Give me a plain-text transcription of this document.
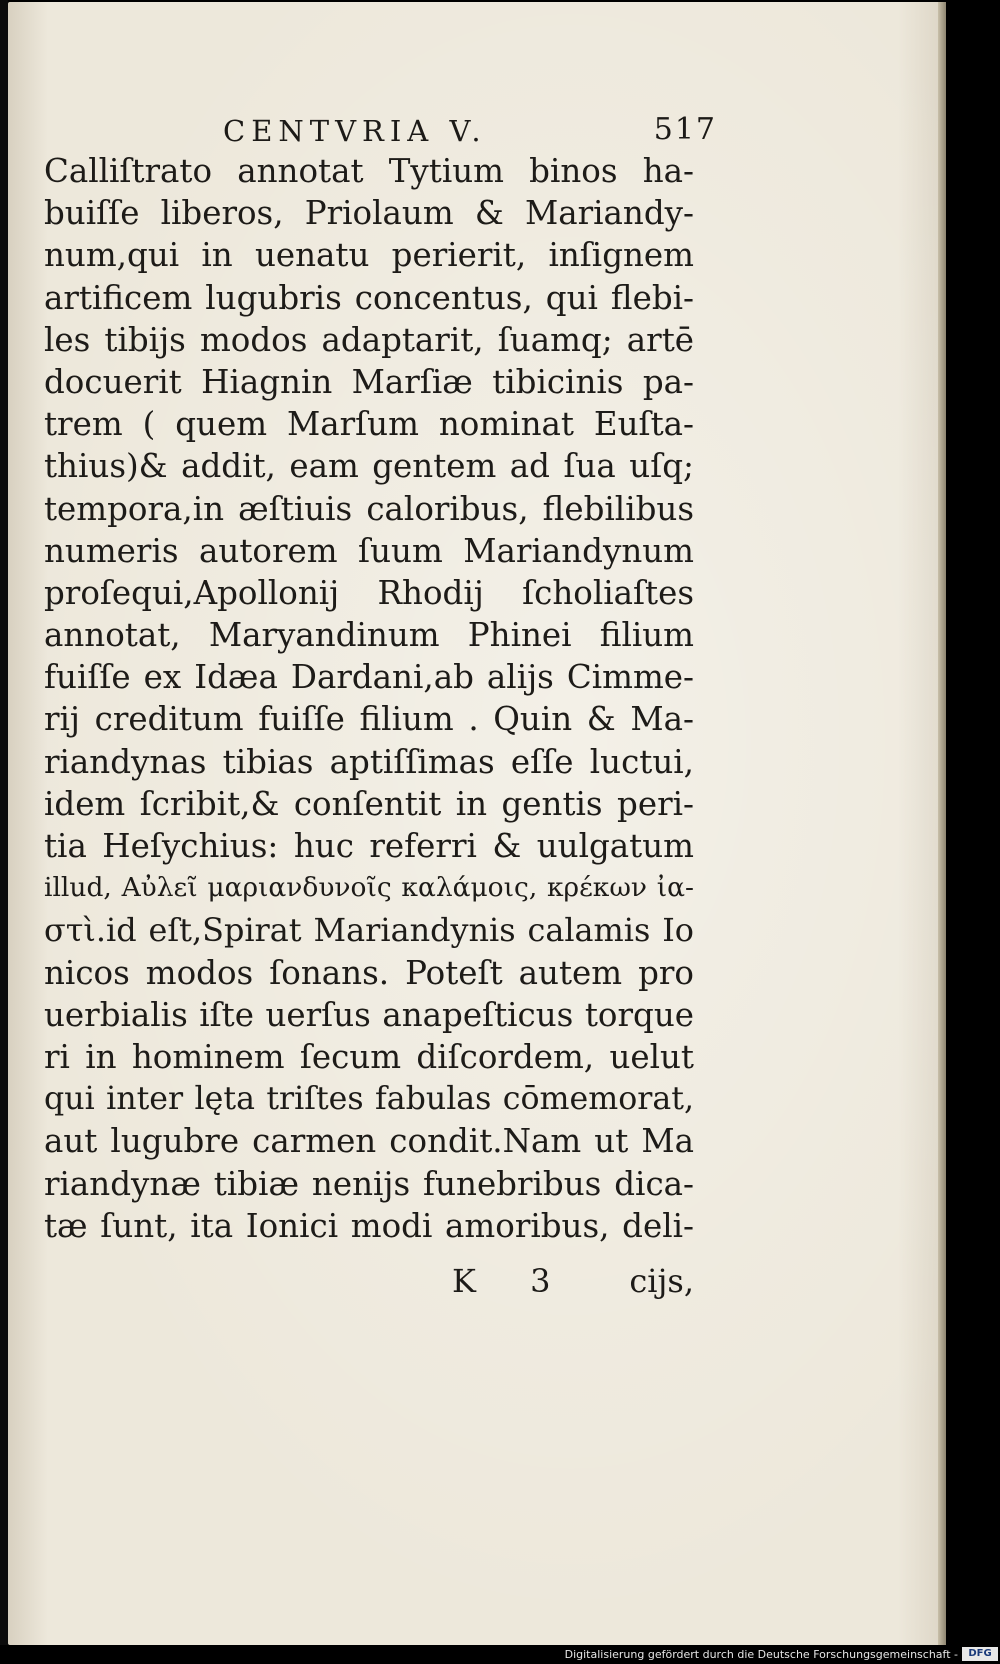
CENTVRIA V.	517
Calliſtrato annotat Tytium binos ha-
buiſſe liberos, Priolaum & Mariandy-
num,qui in uenatu perierit, inſignem
artificem lugubris concentus, qui flebi-
les tibijs modos adaptarit, ſuamq; artē
docuerit Hiagnin Marſiæ tibicinis pa-
trem ( quem Marſum nominat Euſta-
thius)& addit, eam gentem ad ſua uſq;
tempora,in æſtiuis caloribus, flebilibus
numeris autorem ſuum Mariandynum
proſequi,Apollonij Rhodij ſcholiaſtes
annotat, Maryandinum Phinei filium
fuiſſe ex Idæa Dardani,ab alijs Cimme-
rij creditum fuiſſe filium . Quin & Ma-
riandynas tibias aptiſſimas eſſe luctui,
idem ſcribit,& conſentit in gentis peri-
tia Heſychius: huc referri & uulgatum
illud, Αὐλεῖ μαριανδυνοῖς καλάμοις, κρέκων ἰα-
στὶ.id eſt,Spirat Mariandynis calamis Io
nicos modos ſonans. Poteſt autem pro
uerbialis iſte uerſus anapeſticus torque
ri in hominem ſecum diſcordem, uelut
qui inter lęta triſtes fabulas cōmemorat,
aut lugubre carmen condit.Nam ut Ma
riandynæ tibiæ nenijs funebribus dica-
tæ ſunt, ita Ionici modi amoribus, deli-
K 3 cijs,
Digitalisierung gefördert durch die Deutsche Forschungsgemeinschaft -	DFG
